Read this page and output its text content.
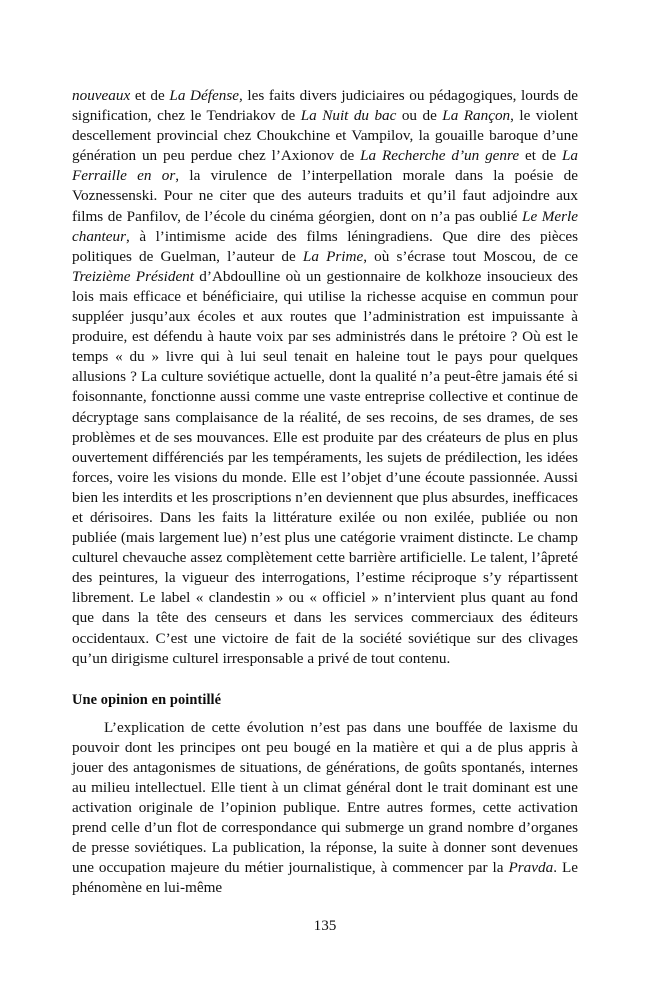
nouveaux et de La Défense, les faits divers judiciaires ou pédagogiques, lourds de signification, chez le Tendriakov de La Nuit du bac ou de La Rançon, le violent descellement provincial chez Choukchine et Vampilov, la gouaille baroque d’une génération un peu perdue chez l’Axionov de La Recherche d’un genre et de La Ferraille en or, la virulence de l’interpellation morale dans la poésie de Voznessenski. Pour ne citer que des auteurs traduits et qu’il faut adjoindre aux films de Panfilov, de l’école du cinéma géorgien, dont on n’a pas oublié Le Merle chanteur, à l’intimisme acide des films léningradiens. Que dire des pièces politiques de Guelman, l’auteur de La Prime, où s’écrase tout Moscou, de ce Treizième Président d’Abdoulline où un gestionnaire de kolkhoze insoucieux des lois mais efficace et bénéficiaire, qui utilise la richesse acquise en commun pour suppléer jusqu’aux écoles et aux routes que l’administration est impuissante à produire, est défendu à haute voix par ses administrés dans le prétoire ? Où est le temps « du » livre qui à lui seul tenait en haleine tout le pays pour quelques allusions ? La culture soviétique actuelle, dont la qualité n’a peut-être jamais été si foisonnante, fonctionne aussi comme une vaste entreprise collective et continue de décryptage sans complaisance de la réalité, de ses recoins, de ses drames, de ses problèmes et de ses mouvances. Elle est produite par des créateurs de plus en plus ouvertement différenciés par les tempéraments, les sujets de prédilection, les idées forces, voire les visions du monde. Elle est l’objet d’une écoute passionnée. Aussi bien les interdits et les proscriptions n’en deviennent que plus absurdes, inefficaces et dérisoires. Dans les faits la littérature exilée ou non exilée, publiée ou non publiée (mais largement lue) n’est plus une catégorie vraiment distincte. Le champ culturel chevauche assez complètement cette barrière artificielle. Le talent, l’âpreté des peintures, la vigueur des interrogations, l’estime réciproque s’y répartissent librement. Le label « clandestin » ou « officiel » n’intervient plus quant au fond que dans la tête des censeurs et dans les services commerciaux des éditeurs occidentaux. C’est une victoire de fait de la société soviétique sur des clivages qu’un dirigisme culturel irresponsable a privé de tout contenu.

Une opinion en pointillé

L’explication de cette évolution n’est pas dans une bouffée de laxisme du pouvoir dont les principes ont peu bougé en la matière et qui a de plus appris à jouer des antagonismes de situations, de générations, de goûts spontanés, internes au milieu intellectuel. Elle tient à un climat général dont le trait dominant est une activation originale de l’opinion publique. Entre autres formes, cette activation prend celle d’un flot de correspondance qui submerge un grand nombre d’organes de presse soviétiques. La publication, la réponse, la suite à donner sont devenues une occupation majeure du métier journalistique, à commencer par la Pravda. Le phénomène en lui-même

135
